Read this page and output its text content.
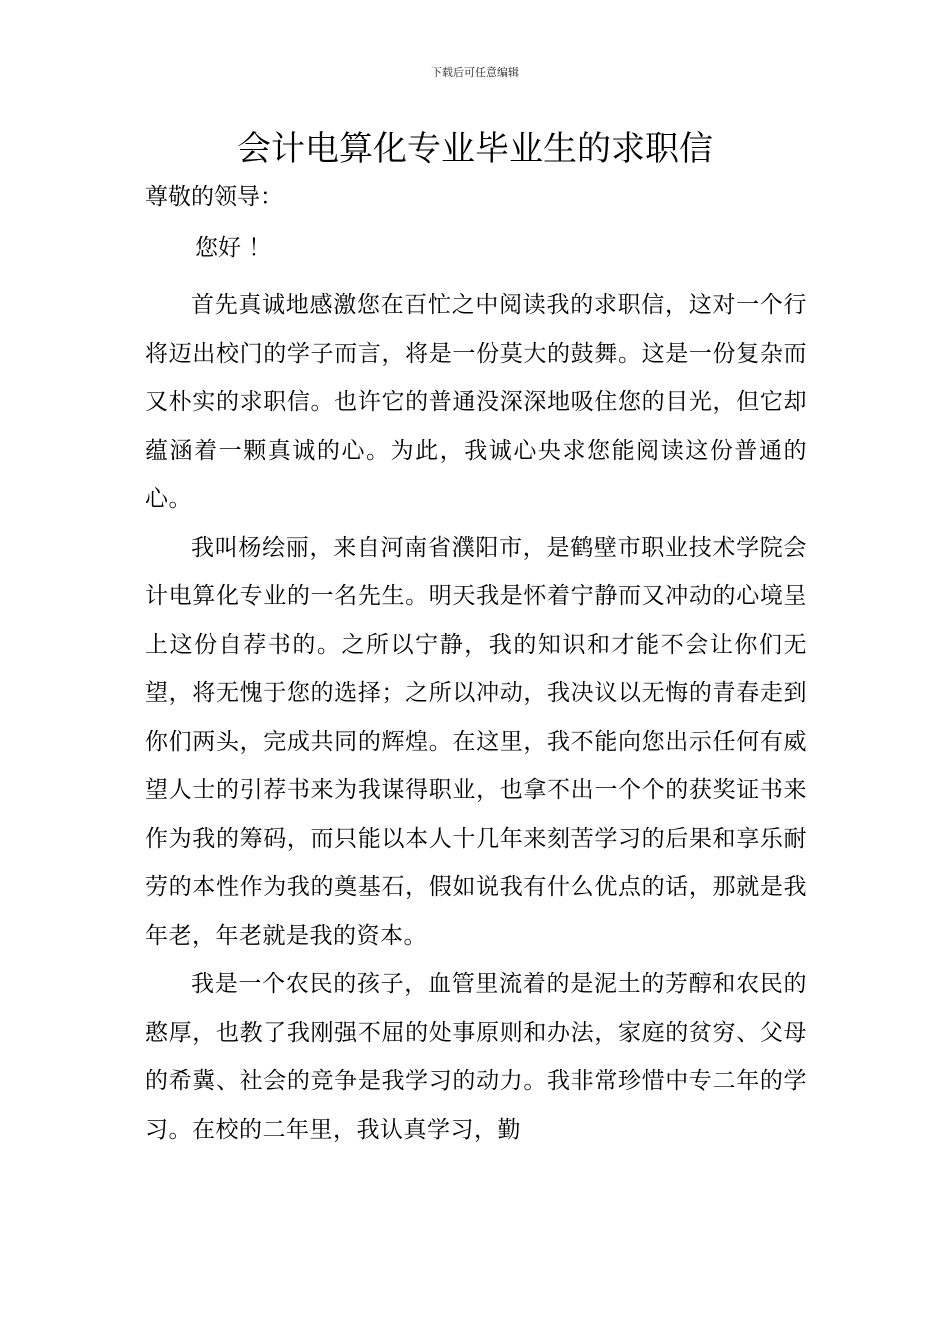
下载后可任意编辑
会计电算化专业毕业生的求职信

尊敬的领导：

您好 ！

首先真诚地感激您在百忙之中阅读我的求职信，这对一个行将迈出校门的学子而言，将是一份莫大的鼓舞。这是一份复杂而又朴实的求职信。也许它的普通没深深地吸住您的目光，但它却蕴涵着一颗真诚的心。为此，我诚心央求您能阅读这份普通的心。

我叫杨绘丽，来自河南省濮阳市，是鹤壁市职业技术学院会计电算化专业的一名先生。明天我是怀着宁静而又冲动的心境呈上这份自荐书的。之所以宁静，我的知识和才能不会让你们无望，将无愧于您的选择；之所以冲动，我决议以无悔的青春走到你们两头，完成共同的辉煌。在这里，我不能向您出示任何有威望人士的引荐书来为我谋得职业，也拿不出一个个的获奖证书来作为我的筹码，而只能以本人十几年来刻苦学习的后果和享乐耐劳的本性作为我的奠基石，假如说我有什么优点的话，那就是我年老，年老就是我的资本。

我是一个农民的孩子，血管里流着的是泥土的芳醇和农民的憨厚，也教了我刚强不屈的处事原则和办法，家庭的贫穷、父母的希冀、社会的竞争是我学习的动力。我非常珍惜中专二年的学习。在校的二年里，我认真学习，勤
